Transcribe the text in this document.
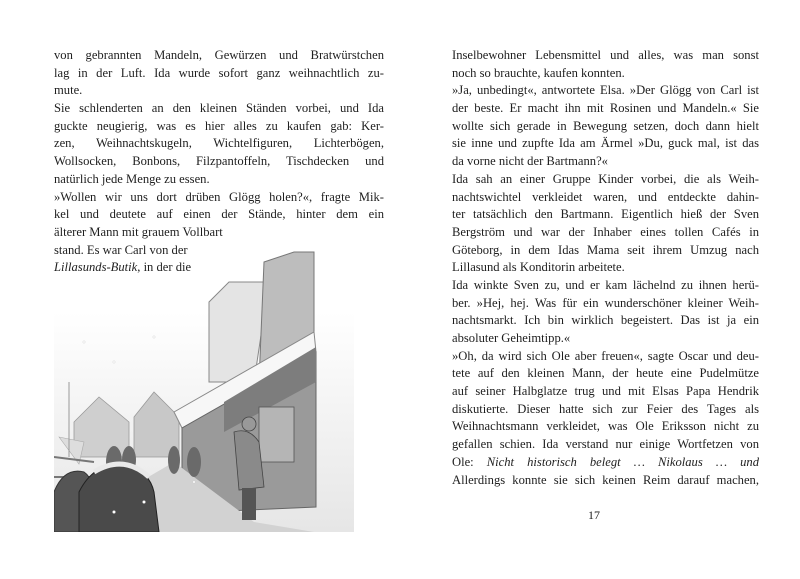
von gebrannten Mandeln, Gewürzen und Bratwürstchen
lag in der Luft. Ida wurde sofort ganz weihnachtlich zu-
mute.
Sie schlenderten an den kleinen Ständen vorbei, und Ida
guckte neugierig, was es hier alles zu kaufen gab: Ker-
zen, Weihnachtskugeln, Wichtelfiguren, Lichterbögen,
Wollsocken, Bonbons, Filzpantoffeln, Tischdecken und
natürlich jede Menge zu essen.
»Wollen wir uns dort drüben Glögg holen?«, fragte Mik-
kel und deutete auf einen der Stände, hinter dem ein
älterer Mann mit grauem Vollbart
stand. Es war Carl von der
Lillasunds-Butik, in der die
Inselbewohner Lebensmittel und alles, was man sonst
noch so brauchte, kaufen konnten.
»Ja, unbedingt«, antwortete Elsa. »Der Glögg von Carl ist
der beste. Er macht ihn mit Rosinen und Mandeln.« Sie
wollte sich gerade in Bewegung setzen, doch dann hielt
sie inne und zupfte Ida am Ärmel »Du, guck mal, ist das
da vorne nicht der Bartmann?«
Ida sah an einer Gruppe Kinder vorbei, die als Weih-
nachtswichtel verkleidet waren, und entdeckte dahin-
ter tatsächlich den Bartmann. Eigentlich hieß der Sven
Bergström und war der Inhaber eines tollen Cafés in
Göteborg, in dem Idas Mama seit ihrem Umzug nach
Lillasund als Konditorin arbeitete.
Ida winkte Sven zu, und er kam lächelnd zu ihnen herü-
ber. »Hej, hej. Was für ein wunderschöner kleiner Weih-
nachtsmarkt. Ich bin wirklich begeistert. Das ist ja ein
absoluter Geheimtipp.«
»Oh, da wird sich Ole aber freuen«, sagte Oscar und deu-
tete auf den kleinen Mann, der heute eine Pudelmütze
auf seiner Halbglatze trug und mit Elsas Papa Hendrik
diskutierte. Dieser hatte sich zur Feier des Tages als
Weihnachtsmann verkleidet, was Ole Eriksson nicht zu
gefallen schien. Ida verstand nur einige Wortfetzen von
Ole: Nicht historisch belegt … Nikolaus … und
Allerdings konnte sie sich keinen Reim darauf machen,
17
